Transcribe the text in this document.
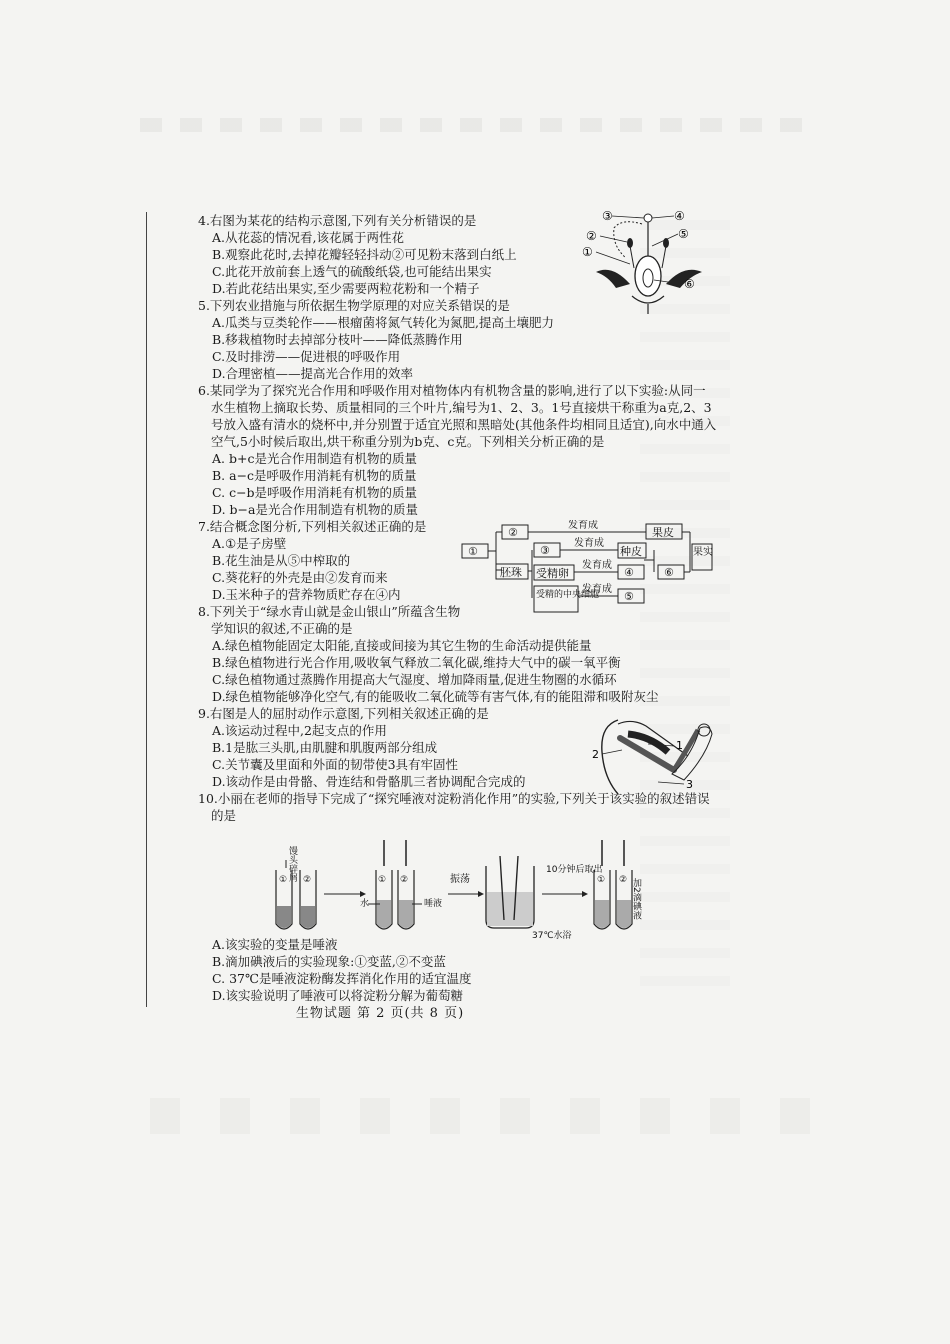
4.右图为某花的结构示意图,下列有关分析错误的是
A.从花蕊的情况看,该花属于两性花
B.观察此花时,去掉花瓣轻轻抖动②可见粉末落到白纸上
C.此花开放前套上透气的硫酸纸袋,也可能结出果实
D.若此花结出果实,至少需要两粒花粉和一个精子
5.下列农业措施与所依据生物学原理的对应关系错误的是
A.瓜类与豆类轮作——根瘤菌将氮气转化为氮肥,提高土壤肥力
B.移栽植物时去掉部分枝叶——降低蒸腾作用
C.及时排涝——促进根的呼吸作用
D.合理密植——提高光合作用的效率
6.某同学为了探究光合作用和呼吸作用对植物体内有机物含量的影响,进行了以下实验:从同一水生植物上摘取长势、质量相同的三个叶片,编号为1、2、3。1号直接烘干称重为a克,2、3号放入盛有清水的烧杯中,并分别置于适宜光照和黑暗处(其他条件均相同且适宜),向水中通入空气,5小时候后取出,烘干称重分别为b克、c克。下列相关分析正确的是
A. b+c是光合作用制造有机物的质量B. a−c是呼吸作用消耗有机物的质量
C. c−b是呼吸作用消耗有机物的质量D. b−a是光合作用制造有机物的质量
7.结合概念图分析,下列相关叙述正确的是
A.①是子房壁
B.花生油是从⑤中榨取的
C.葵花籽的外壳是由②发育而来
D.玉米种子的营养物质贮存在④内
8.下列关于“绿水青山就是金山银山”所蕴含生物学知识的叙述,不正确的是
A.绿色植物能固定太阳能,直接或间接为其它生物的生命活动提供能量
B.绿色植物进行光合作用,吸收氧气释放二氧化碳,维持大气中的碳一氧平衡
C.绿色植物通过蒸腾作用提高大气湿度、增加降雨量,促进生物圈的水循环
D.绿色植物能够净化空气,有的能吸收二氧化硫等有害气体,有的能阻滞和吸附灰尘
9.右图是人的屈肘动作示意图,下列相关叙述正确的是
A.该运动过程中,2起支点的作用
B.1是肱三头肌,由肌腱和肌腹两部分组成
C.关节囊及里面和外面的韧带使3具有牢固性
D.该动作是由骨骼、骨连结和骨骼肌三者协调配合完成的
10.小丽在老师的指导下完成了“探究唾液对淀粉消化作用”的实验,下列关于该实验的叙述错误的是
A.该实验的变量是唾液
B.滴加碘液后的实验现象:①变蓝,②不变蓝
C. 37℃是唾液淀粉酶发挥消化作用的适宜温度
D.该实验说明了唾液可以将淀粉分解为葡萄糖
③	④
②	⑤
①
⑥
①
②
发育成
果皮
胚珠
③
发育成
种皮
受精卵
发育成
④
受精的中央细胞
发育成
⑤
⑥
果实
1
2
3
① ②
馒头碎屑	① ②
水	唾液
振荡
37℃水浴
10分钟后取出
① ② 加2滴碘液
生物试题 第 2 页(共 8 页)
